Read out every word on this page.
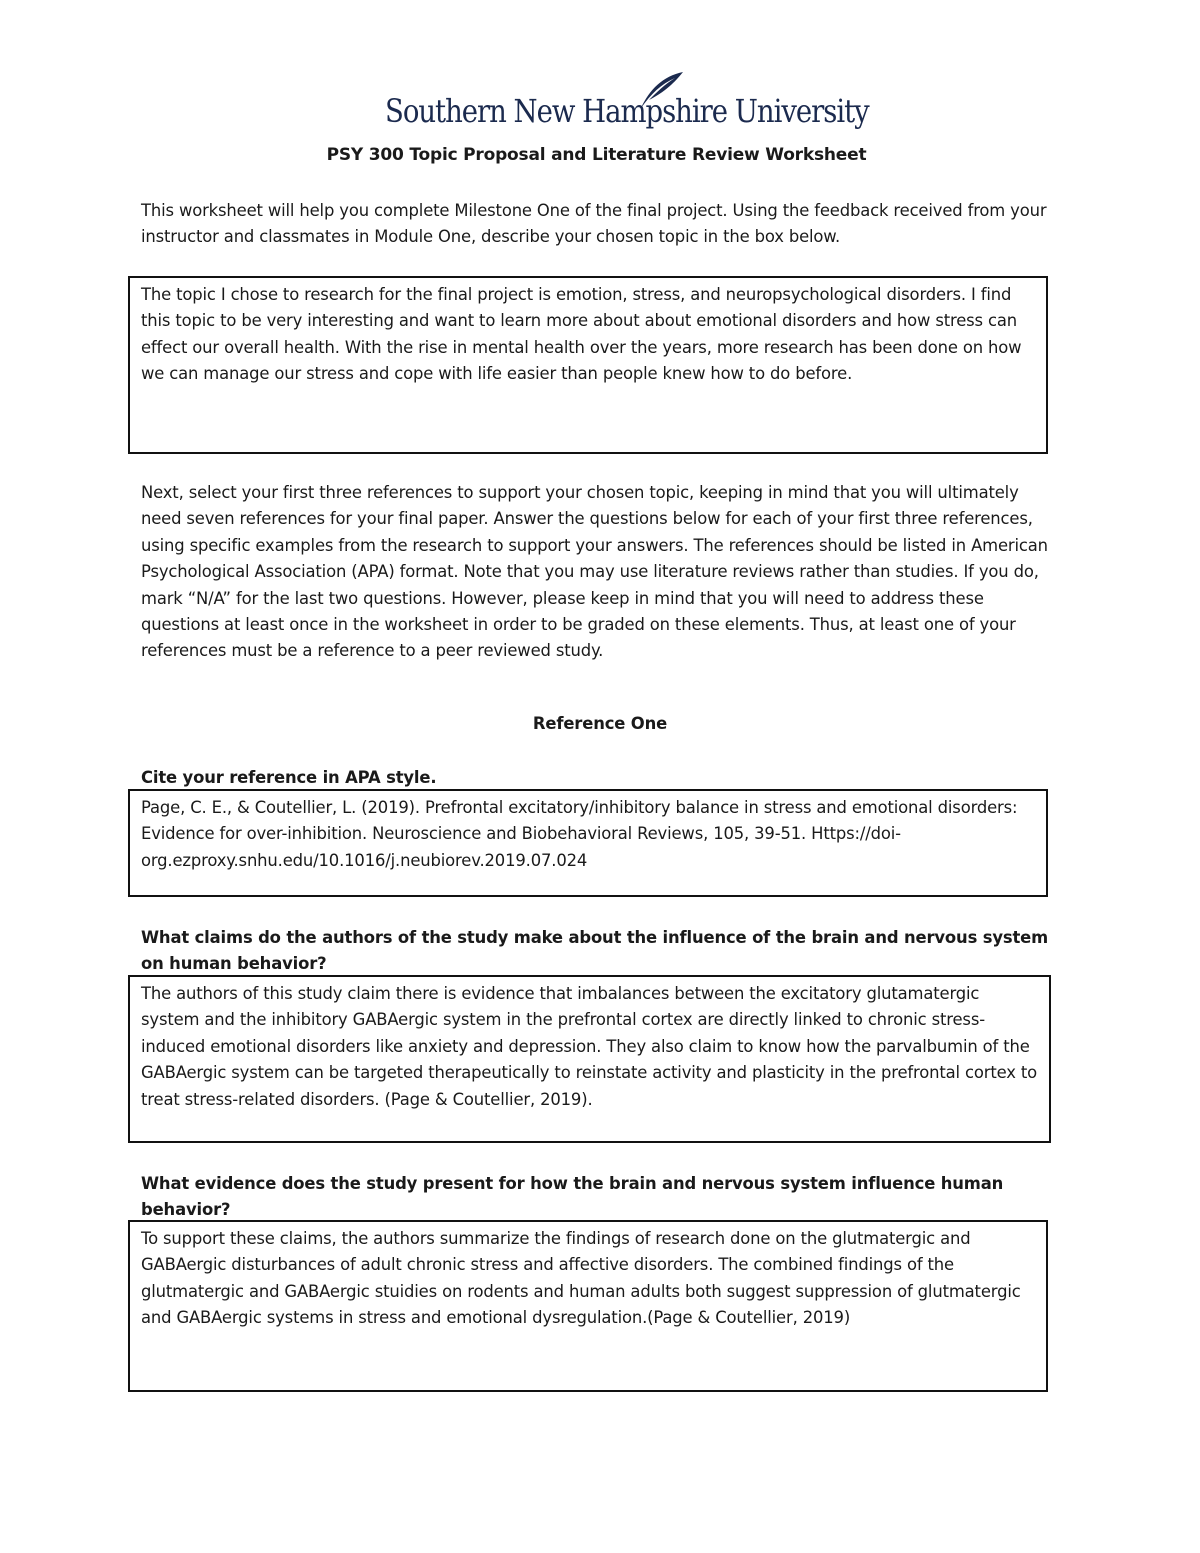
Southern New Hampshire University
PSY 300 Topic Proposal and Literature Review Worksheet
This worksheet will help you complete Milestone One of the final project. Using the feedback received from your instructor and classmates in Module One, describe your chosen topic in the box below.
The topic I chose to research for the final project is emotion, stress, and neuropsychological disorders. I find this topic to be very interesting and want to learn more about about emotional disorders and how stress can effect our overall health. With the rise in mental health over the years, more research has been done on how we can manage our stress and cope with life easier than people knew how to do before.
Next, select your first three references to support your chosen topic, keeping in mind that you will ultimately need seven references for your final paper. Answer the questions below for each of your first three references, using specific examples from the research to support your answers. The references should be listed in American Psychological Association (APA) format. Note that you may use literature reviews rather than studies. If you do, mark “N/A” for the last two questions. However, please keep in mind that you will need to address these questions at least once in the worksheet in order to be graded on these elements. Thus, at least one of your references must be a reference to a peer reviewed study.
Reference One
Cite your reference in APA style.
Page, C. E., & Coutellier, L. (2019). Prefrontal excitatory/inhibitory balance in stress and emotional disorders: Evidence for over-inhibition. Neuroscience and Biobehavioral Reviews, 105, 39-51. Https://doi-org.ezproxy.snhu.edu/10.1016/j.neubiorev.2019.07.024
What claims do the authors of the study make about the influence of the brain and nervous system on human behavior?
The authors of this study claim there is evidence that imbalances between the excitatory glutamatergic system and the inhibitory GABAergic system in the prefrontal cortex are directly linked to chronic stress-induced emotional disorders like anxiety and depression. They also claim to know how the parvalbumin of the GABAergic system can be targeted therapeutically to reinstate activity and plasticity in the prefrontal cortex to treat stress-related disorders. (Page & Coutellier, 2019).
What evidence does the study present for how the brain and nervous system influence human behavior?
To support these claims, the authors summarize the findings of research done on the glutmatergic and GABAergic disturbances of adult chronic stress and affective disorders. The combined findings of the glutmatergic and GABAergic stuidies on rodents and human adults both suggest suppression of glutmatergic and GABAergic systems in stress and emotional dysregulation.(Page & Coutellier, 2019)
